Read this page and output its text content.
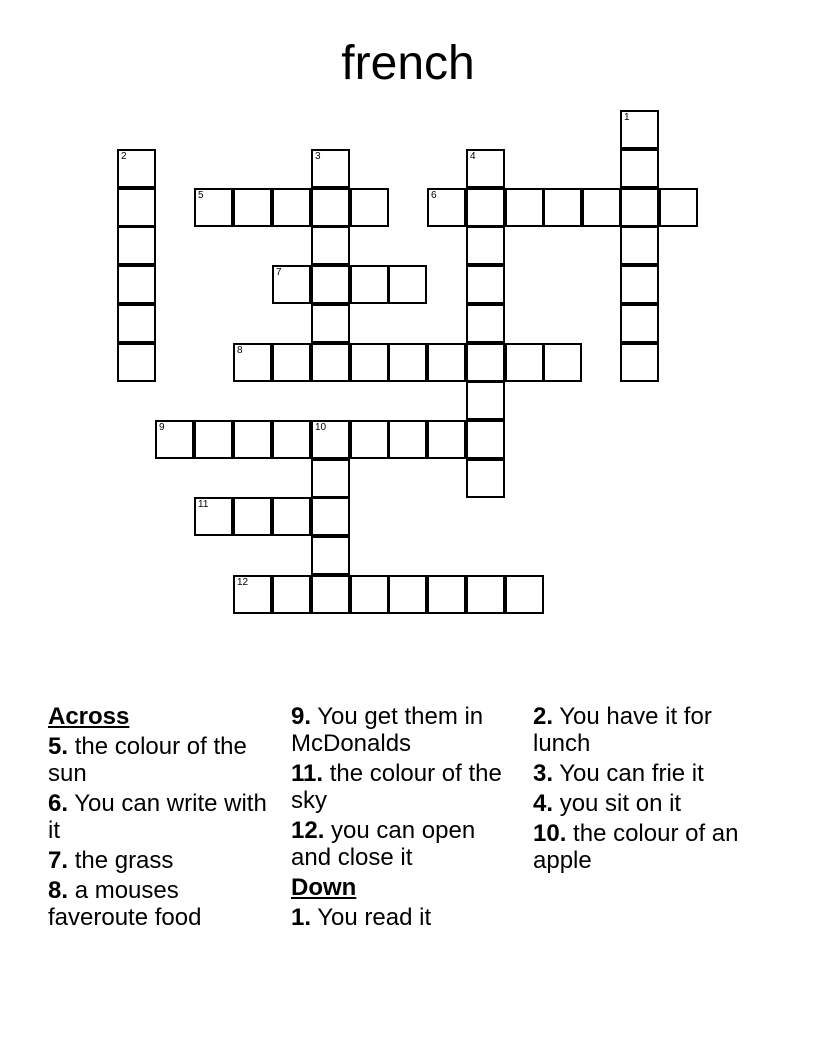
french
1
2	3	4
5	6
7
8
9	10
11
12
Across
5. the colour of the sun
6. You can write with it
7. the grass
8. a mouses faveroute food
9. You get them in McDonalds
11. the colour of the sky
12. you can open and close it
Down
1. You read it
2. You have it for lunch
3. You can frie it
4. you sit on it
10. the colour of an apple
